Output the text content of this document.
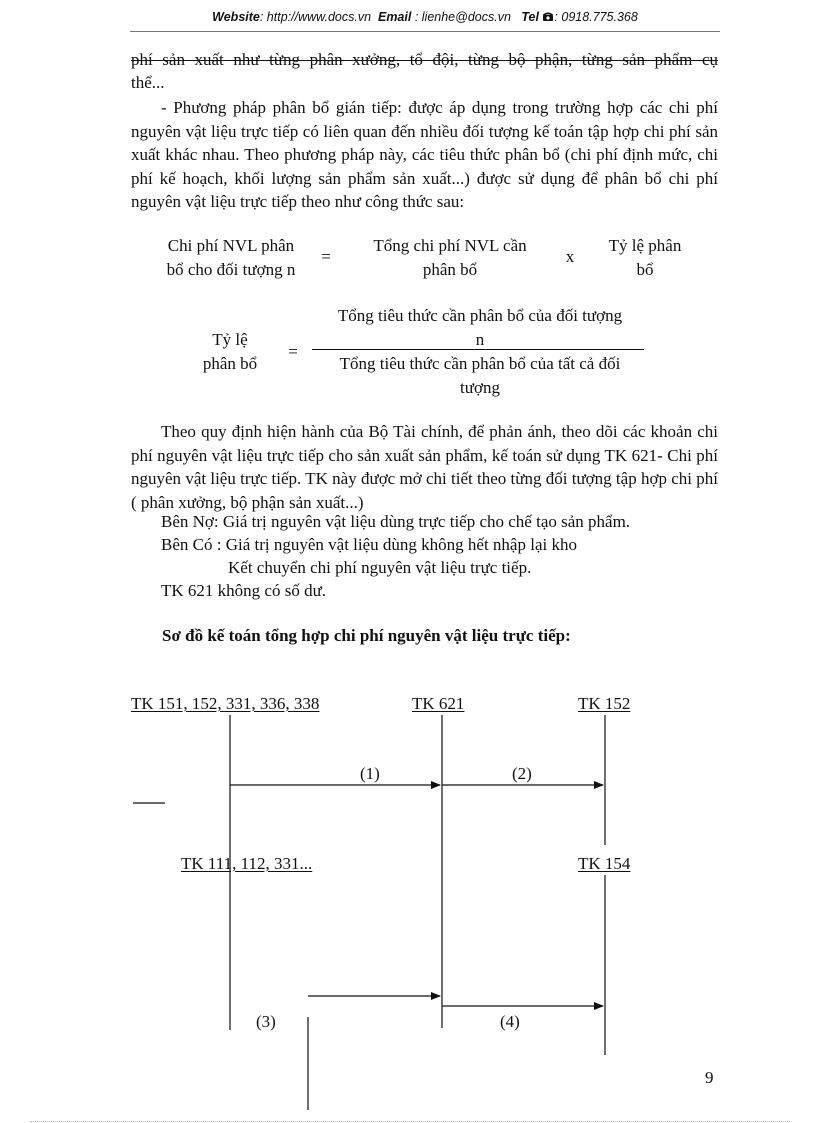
Website: http://www.docs.vn Email : lienhe@docs.vn Tel : 0918.775.368
phí sản xuất như từng phân xưởng, tổ đội, từng bộ phận, từng sản phẩm cụ
thể...
- Phương pháp phân bổ gián tiếp: được áp dụng trong trường hợp các chi phí nguyên vật liệu trực tiếp có liên quan đến nhiều đối tượng kế toán tập hợp chi phí sản xuất khác nhau. Theo phương pháp này, các tiêu thức phân bổ (chi phí định mức, chi phí kế hoạch, khối lượng sản phẩm sản xuất...) được sử dụng để phân bổ chi phí nguyên vật liệu trực tiếp theo như công thức sau:
Chi phí NVL phân
bổ cho đối tượng n
=
Tổng chi phí NVL cần
phân bổ
x
Tỷ lệ phân
bổ
Tỷ lệ
phân bổ
=
Tổng tiêu thức cần phân bổ của đối tượng
n
Tổng tiêu thức cần phân bổ của tất cả đối
tượng
Theo quy định hiện hành của Bộ Tài chính, để phản ánh, theo dõi các khoản chi phí nguyên vật liệu trực tiếp cho sản xuất sản phẩm, kế toán sử dụng TK 621- Chi phí nguyên vật liệu trực tiếp. TK này được mở chi tiết theo từng đối tượng tập hợp chi phí ( phân xưởng, bộ phận sản xuất...)
Bên Nợ: Giá trị nguyên vật liệu dùng trực tiếp cho chế tạo sản phẩm.
Bên Có : Giá trị nguyên vật liệu dùng không hết nhập lại kho
Kết chuyển chi phí nguyên vật liệu trực tiếp.
TK 621 không có số dư.
Sơ đồ kế toán tổng hợp chi phí nguyên vật liệu trực tiếp:
TK 151, 152, 331, 336, 338	TK 621	TK 152
TK 111, 112, 331...	TK 154
(1)	(2)
(3)	(4)
9
